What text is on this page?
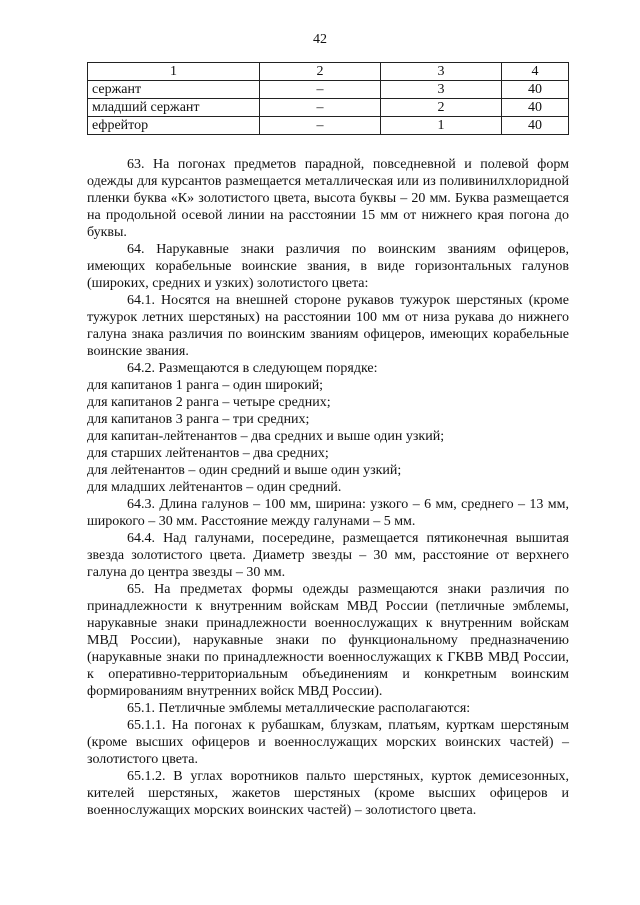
42
1	2	3	4
сержант	–	3	40
младший сержант	–	2	40
ефрейтор	–	1	40

63. На погонах предметов парадной, повседневной и полевой форм одежды для курсантов размещается металлическая или из поливинилхлоридной пленки буква «К» золотистого цвета, высота буквы – 20 мм. Буква размещается на продольной осевой линии на расстоянии 15 мм от нижнего края погона до буквы.

64. Нарукавные знаки различия по воинским званиям офицеров, имеющих корабельные воинские звания, в виде горизонтальных галунов (широких, средних и узких) золотистого цвета:

64.1. Носятся на внешней стороне рукавов тужурок шерстяных (кроме тужурок летних шерстяных) на расстоянии 100 мм от низа рукава до нижнего галуна знака различия по воинским званиям офицеров, имеющих корабельные воинские звания.

64.2. Размещаются в следующем порядке:

для капитанов 1 ранга – один широкий;

для капитанов 2 ранга – четыре средних;

для капитанов 3 ранга – три средних;

для капитан-лейтенантов – два средних и выше один узкий;

для старших лейтенантов – два средних;

для лейтенантов – один средний и выше один узкий;

для младших лейтенантов – один средний.

64.3. Длина галунов – 100 мм, ширина: узкого – 6 мм, среднего – 13 мм, широкого – 30 мм. Расстояние между галунами – 5 мм.

64.4. Над галунами, посередине, размещается пятиконечная вышитая звезда золотистого цвета. Диаметр звезды – 30 мм, расстояние от верхнего галуна до центра звезды – 30 мм.

65. На предметах формы одежды размещаются знаки различия по принадлежности к внутренним войскам МВД России (петличные эмблемы, нарукавные знаки принадлежности военнослужащих к внутренним войскам МВД России), нарукавные знаки по функциональному предназначению (нарукавные знаки по принадлежности военнослужащих к ГКВВ МВД России, к оперативно-территориальным объединениям и конкретным воинским формированиям внутренних войск МВД России).

65.1. Петличные эмблемы металлические располагаются:

65.1.1. На погонах к рубашкам, блузкам, платьям, курткам шерстяным (кроме высших офицеров и военнослужащих морских воинских частей) – золотистого цвета.

65.1.2. В углах воротников пальто шерстяных, курток демисезонных, кителей шерстяных, жакетов шерстяных (кроме высших офицеров и военнослужащих морских воинских частей) – золотистого цвета.
